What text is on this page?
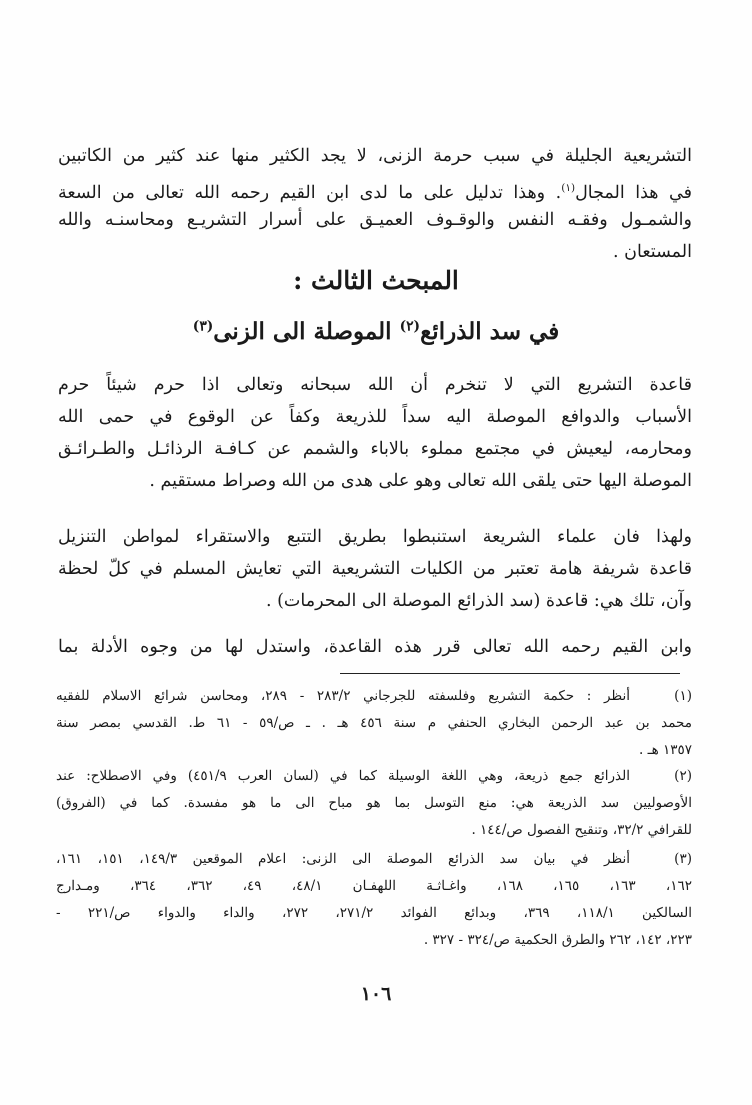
التشريعية الجليلة في سبب حرمة الزنى، لا يجد الكثير منها عند كثير من الكاتبين
في هذا المجال$^{(١)}$. وهذا تدليل على ما لدى ابن القيم رحمه الله تعالى من السعة
والشمـول وفقـه النفس والوقـوف العميـق على أسرار التشريـع ومحاسنـه والله
المستعان .
المبحث الثالث :
في سد الذرائع$^{(٢)}$ الموصلة الى الزنى$^{(٣)}$
قاعدة التشريع التي لا تنخرم أن الله سبحانه وتعالى اذا حرم شيئاً حرم
الأسباب والدوافع الموصلة اليه سداً للذريعة وكفاً عن الوقوع في حمى الله
ومحارمه، ليعيش في مجتمع مملوء بالاباء والشمم عن كـافـة الرذائـل والطـرائـق
الموصلة اليها حتى يلقى الله تعالى وهو على هدى من الله وصراط مستقيم .
ولهذا فان علماء الشريعة استنبطوا بطريق التتبع والاستقراء لمواطن التنزيل
قاعدة شريفة هامة تعتبر من الكليات التشريعية التي تعايش المسلم في كلّ لحظة
وآن، تلك هي: قاعدة (سد الذرائع الموصلة الى المحرمات) .
وابن القيم رحمه الله تعالى قرر هذه القاعدة، واستدل لها من وجوه الأدلة بما
(١)
أنظر : حكمة التشريع وفلسفته للجرجاني ٢٨٣/٢ - ٢٨٩، ومحاسن شرائع الاسلام للفقيه
محمد بن عبد الرحمن البخاري الحنفي م سنة ٤٥٦ هـ . ـ ص/٥٩ - ٦١ ط. القدسي بمصر سنة
١٣٥٧ هـ .
(٢)
الذرائع جمع ذريعة، وهي اللغة الوسيلة كما في (لسان العرب ٤٥١/٩) وفي الاصطلاح: عند
الأوصوليين سد الذريعة هي: منع التوسل بما هو مباح الى ما هو مفسدة. كما في (الفروق)
للقرافي ٣٢/٢، وتنقيح الفصول ص/١٤٤ .
(٣)
أنظر في بيان سد الذرائع الموصلة الى الزنى: اعلام الموقعين ١٤٩/٣، ١٥١، ١٦١،
١٦٢، ١٦٣، ١٦٥، ١٦٨، واغـاثـة اللهفـان ٤٨/١، ٤٩، ٣٦٢، ٣٦٤، ومـدارج
السالكين ١١٨/١، ٣٦٩، وبدائع الفوائد ٢٧١/٢، ٢٧٢، والداء والدواء ص/٢٢١ -
٢٢٣، ١٤٢، ٢٦٢ والطرق الحكمية ص/٣٢٤ - ٣٢٧ .
١٠٦
